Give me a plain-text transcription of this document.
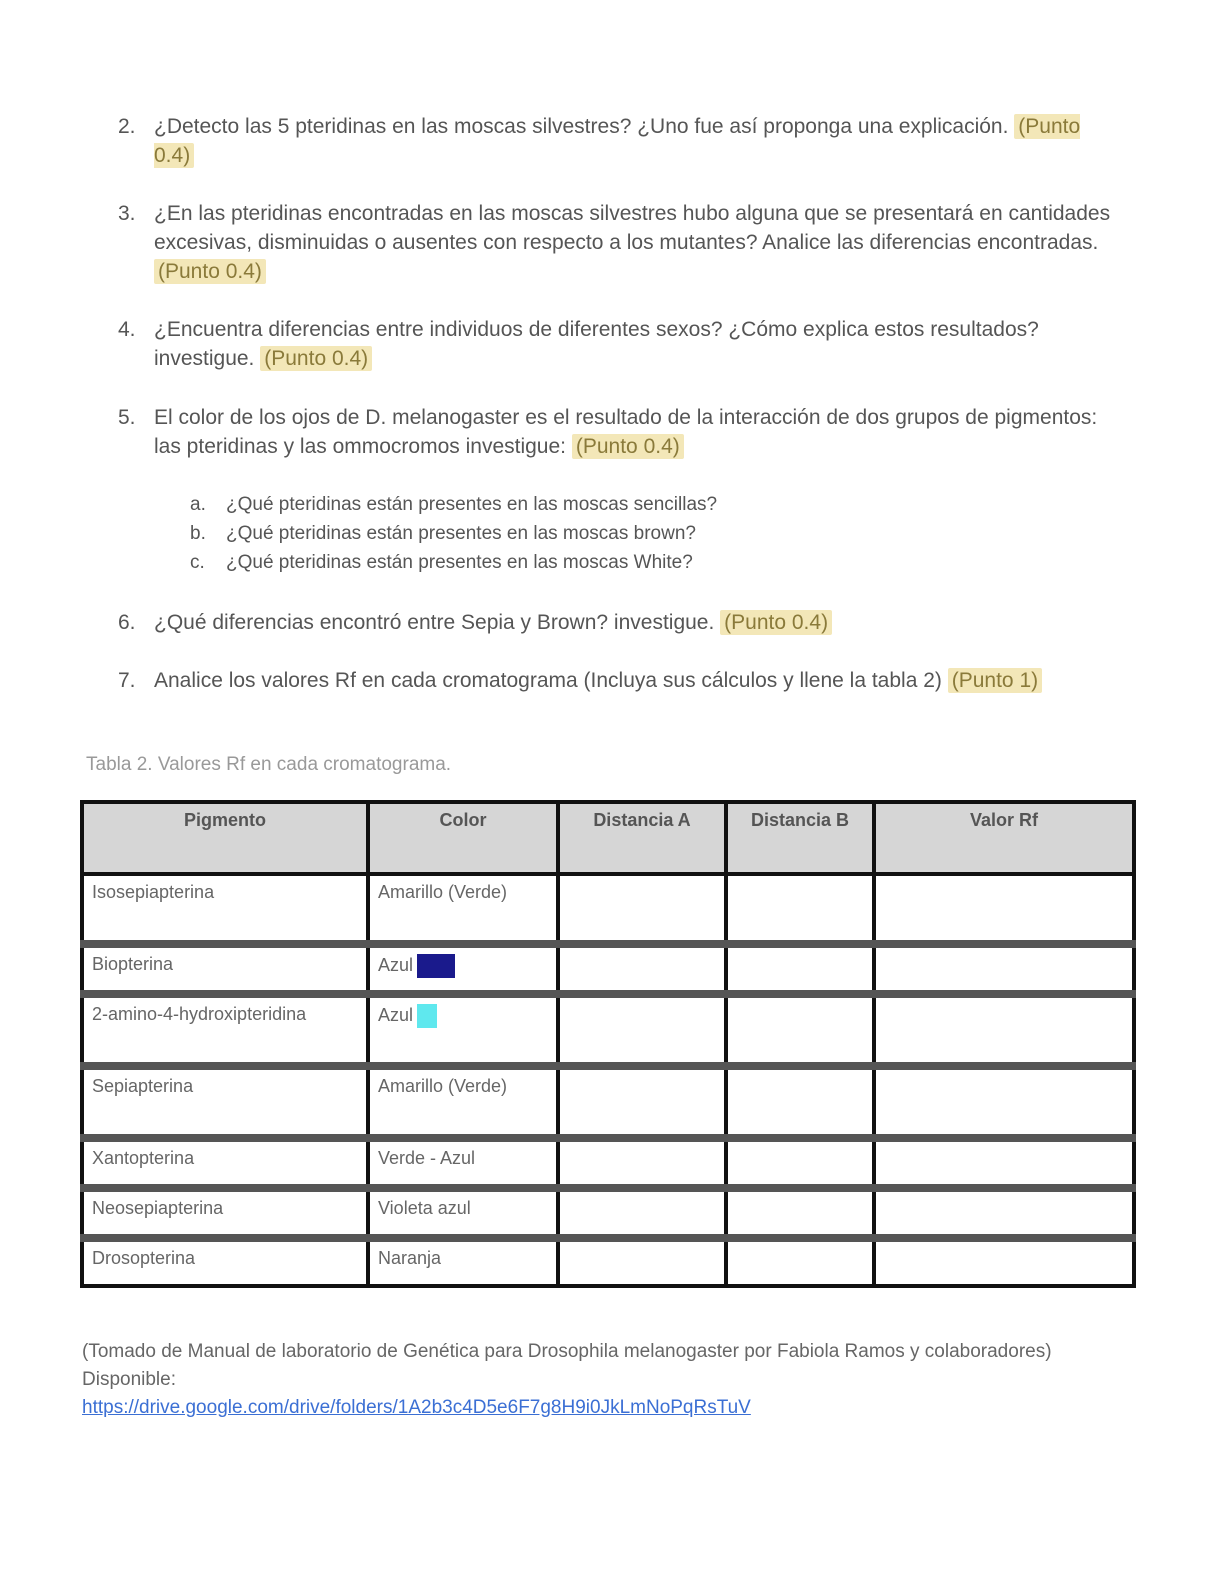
2. ¿Detecto las 5 pteridinas en las moscas silvestres? ¿Uno fue así proponga una explicación. (Punto 0.4)
3. ¿En las pteridinas encontradas en las moscas silvestres hubo alguna que se presentará en cantidades excesivas, disminuidas o ausentes con respecto a los mutantes? Analice las diferencias encontradas. (Punto 0.4)
4. ¿Encuentra diferencias entre individuos de diferentes sexos? ¿Cómo explica estos resultados? investigue. (Punto 0.4)
5. El color de los ojos de D. melanogaster es el resultado de la interacción de dos grupos de pigmentos: las pteridinas y las ommocromos investigue: (Punto 0.4)
a. ¿Qué pteridinas están presentes en las moscas sencillas?
b. ¿Qué pteridinas están presentes en las moscas brown?
c. ¿Qué pteridinas están presentes en las moscas White?
6. ¿Qué diferencias encontró entre Sepia y Brown? investigue. (Punto 0.4)
7. Analice los valores Rf en cada cromatograma (Incluya sus cálculos y llene la tabla 2) (Punto 1)
Tabla 2. Valores Rf en cada cromatograma.
Pigmento	Color	Distancia A	Distancia B	Valor Rf
Isosepiapterina	Amarillo (Verde)			
Biopterina	Azul			
2-amino-4-hydroxipteridina	Azul			
Sepiapterina	Amarillo (Verde)			
Xantopterina	Verde - Azul			
Neosepiapterina	Violeta azul			
Drosopterina	Naranja			
(Tomado de Manual de laboratorio de Genética para Drosophila melanogaster por Fabiola Ramos y colaboradores)
Disponible:
https://drive.google.com/drive/folders/1A2b3c4D5e6F7g8H9i0JkLmNoPqRsTuV
